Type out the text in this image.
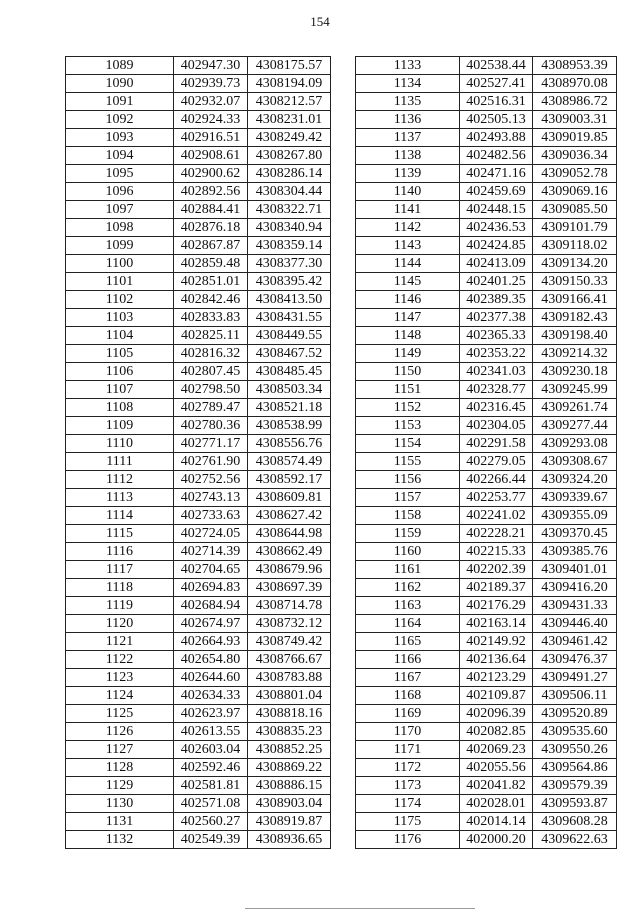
154
1089	402947.30	4308175.57
1090	402939.73	4308194.09
1091	402932.07	4308212.57
1092	402924.33	4308231.01
1093	402916.51	4308249.42
1094	402908.61	4308267.80
1095	402900.62	4308286.14
1096	402892.56	4308304.44
1097	402884.41	4308322.71
1098	402876.18	4308340.94
1099	402867.87	4308359.14
1100	402859.48	4308377.30
1101	402851.01	4308395.42
1102	402842.46	4308413.50
1103	402833.83	4308431.55
1104	402825.11	4308449.55
1105	402816.32	4308467.52
1106	402807.45	4308485.45
1107	402798.50	4308503.34
1108	402789.47	4308521.18
1109	402780.36	4308538.99
1110	402771.17	4308556.76
1111	402761.90	4308574.49
1112	402752.56	4308592.17
1113	402743.13	4308609.81
1114	402733.63	4308627.42
1115	402724.05	4308644.98
1116	402714.39	4308662.49
1117	402704.65	4308679.96
1118	402694.83	4308697.39
1119	402684.94	4308714.78
1120	402674.97	4308732.12
1121	402664.93	4308749.42
1122	402654.80	4308766.67
1123	402644.60	4308783.88
1124	402634.33	4308801.04
1125	402623.97	4308818.16
1126	402613.55	4308835.23
1127	402603.04	4308852.25
1128	402592.46	4308869.22
1129	402581.81	4308886.15
1130	402571.08	4308903.04
1131	402560.27	4308919.87
1132	402549.39	4308936.65
1133	402538.44	4308953.39
1134	402527.41	4308970.08
1135	402516.31	4308986.72
1136	402505.13	4309003.31
1137	402493.88	4309019.85
1138	402482.56	4309036.34
1139	402471.16	4309052.78
1140	402459.69	4309069.16
1141	402448.15	4309085.50
1142	402436.53	4309101.79
1143	402424.85	4309118.02
1144	402413.09	4309134.20
1145	402401.25	4309150.33
1146	402389.35	4309166.41
1147	402377.38	4309182.43
1148	402365.33	4309198.40
1149	402353.22	4309214.32
1150	402341.03	4309230.18
1151	402328.77	4309245.99
1152	402316.45	4309261.74
1153	402304.05	4309277.44
1154	402291.58	4309293.08
1155	402279.05	4309308.67
1156	402266.44	4309324.20
1157	402253.77	4309339.67
1158	402241.02	4309355.09
1159	402228.21	4309370.45
1160	402215.33	4309385.76
1161	402202.39	4309401.01
1162	402189.37	4309416.20
1163	402176.29	4309431.33
1164	402163.14	4309446.40
1165	402149.92	4309461.42
1166	402136.64	4309476.37
1167	402123.29	4309491.27
1168	402109.87	4309506.11
1169	402096.39	4309520.89
1170	402082.85	4309535.60
1171	402069.23	4309550.26
1172	402055.56	4309564.86
1173	402041.82	4309579.39
1174	402028.01	4309593.87
1175	402014.14	4309608.28
1176	402000.20	4309622.63
